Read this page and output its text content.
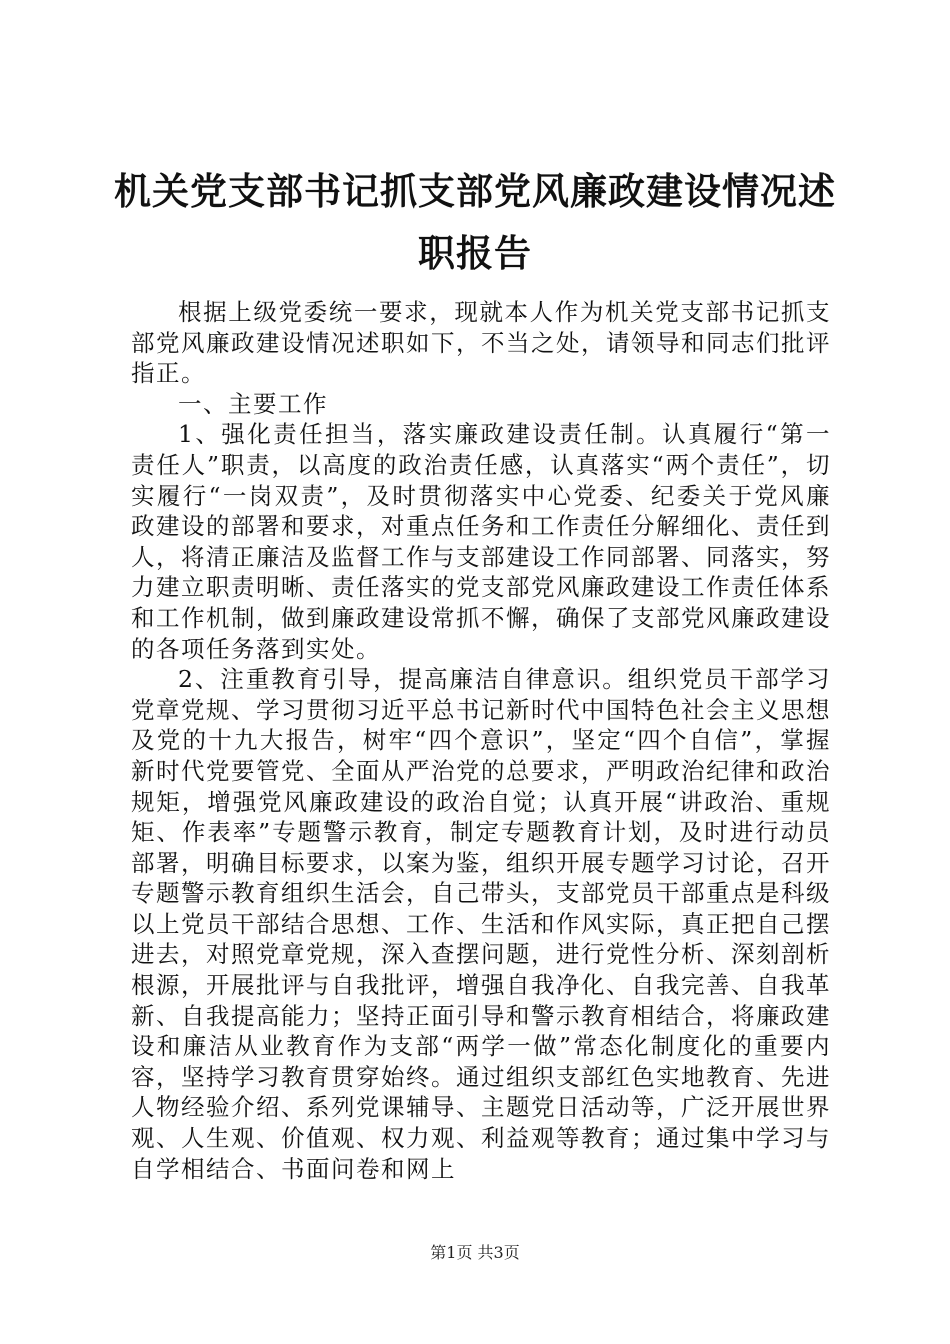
机关党支部书记抓支部党风廉政建设情况述职报告

根据上级党委统一要求，现就本人作为机关党支部书记抓支部党风廉政建设情况述职如下，不当之处，请领导和同志们批评指正。

一、主要工作

1、强化责任担当，落实廉政建设责任制。认真履行“第一责任人”职责，以高度的政治责任感，认真落实“两个责任”，切实履行“一岗双责”，及时贯彻落实中心党委、纪委关于党风廉政建设的部署和要求，对重点任务和工作责任分解细化、责任到人，将清正廉洁及监督工作与支部建设工作同部署、同落实，努力建立职责明晰、责任落实的党支部党风廉政建设工作责任体系和工作机制，做到廉政建设常抓不懈，确保了支部党风廉政建设的各项任务落到实处。

2、注重教育引导，提高廉洁自律意识。组织党员干部学习党章党规、学习贯彻习近平总书记新时代中国特色社会主义思想及党的十九大报告，树牢“四个意识”，坚定“四个自信”，掌握新时代党要管党、全面从严治党的总要求，严明政治纪律和政治规矩，增强党风廉政建设的政治自觉；认真开展“讲政治、重规矩、作表率”专题警示教育，制定专题教育计划，及时进行动员部署，明确目标要求，以案为鉴，组织开展专题学习讨论，召开专题警示教育组织生活会，自己带头，支部党员干部重点是科级以上党员干部结合思想、工作、生活和作风实际，真正把自己摆进去，对照党章党规，深入查摆问题，进行党性分析、深刻剖析根源，开展批评与自我批评，增强自我净化、自我完善、自我革新、自我提高能力；坚持正面引导和警示教育相结合，将廉政建设和廉洁从业教育作为支部“两学一做”常态化制度化的重要内容，坚持学习教育贯穿始终。通过组织支部红色实地教育、先进人物经验介绍、系列党课辅导、主题党日活动等，广泛开展世界观、人生观、价值观、权力观、利益观等教育；通过集中学习与自学相结合、书面问卷和网上

第1页 共3页
